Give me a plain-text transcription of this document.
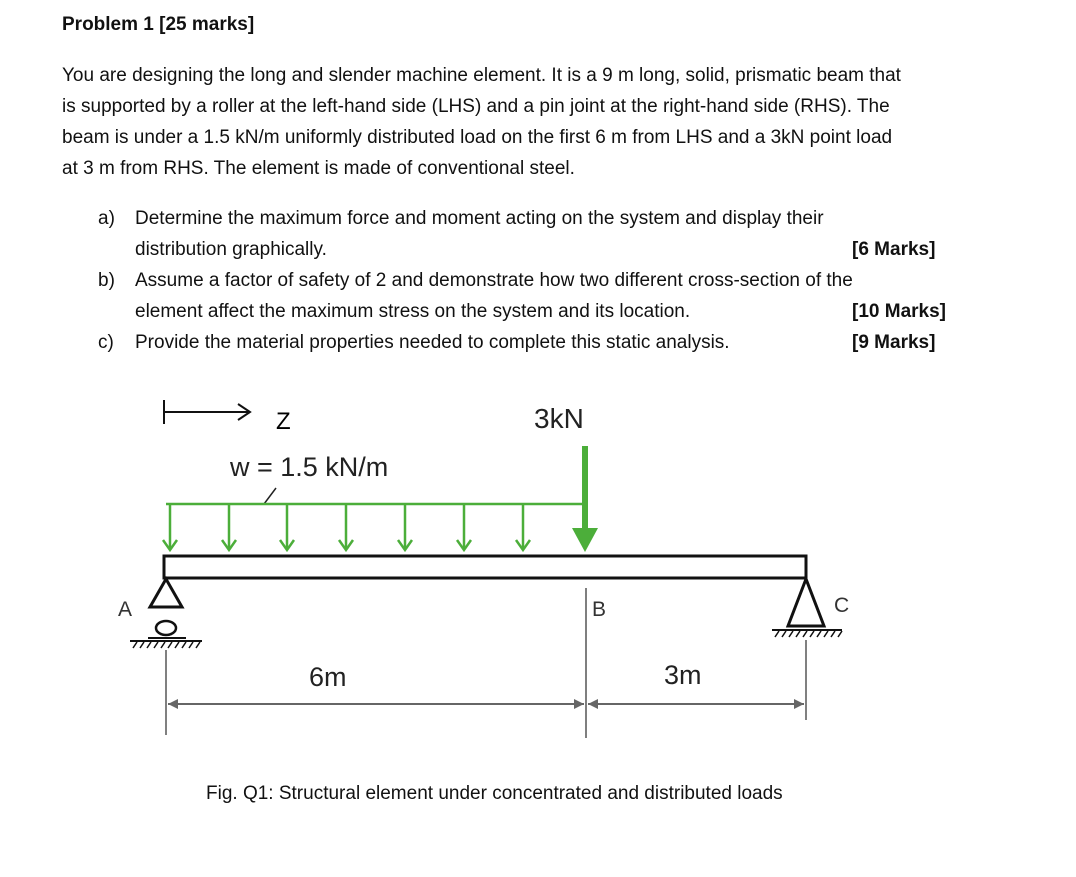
Problem 1 [25 marks]
You are designing the long and slender machine element. It is a 9 m long, solid, prismatic beam that
is supported by a roller at the left-hand side (LHS) and a pin joint at the right-hand side (RHS). The
beam is under a 1.5 kN/m uniformly distributed load on the first 6 m from LHS and a 3kN point load
at 3 m from RHS. The element is made of conventional steel.
a) Determine the maximum force and moment acting on the system and display their
distribution graphically.	[6 Marks]
b) Assume a factor of safety of 2 and demonstrate how two different cross-section of the
element affect the maximum stress on the system and its location.	[10 Marks]
c) Provide the material properties needed to complete this static analysis.	[9 Marks]
Z	3kN
w = 1.5 kN/m
A	C
B
6m	3m
Fig. Q1: Structural element under concentrated and distributed loads
